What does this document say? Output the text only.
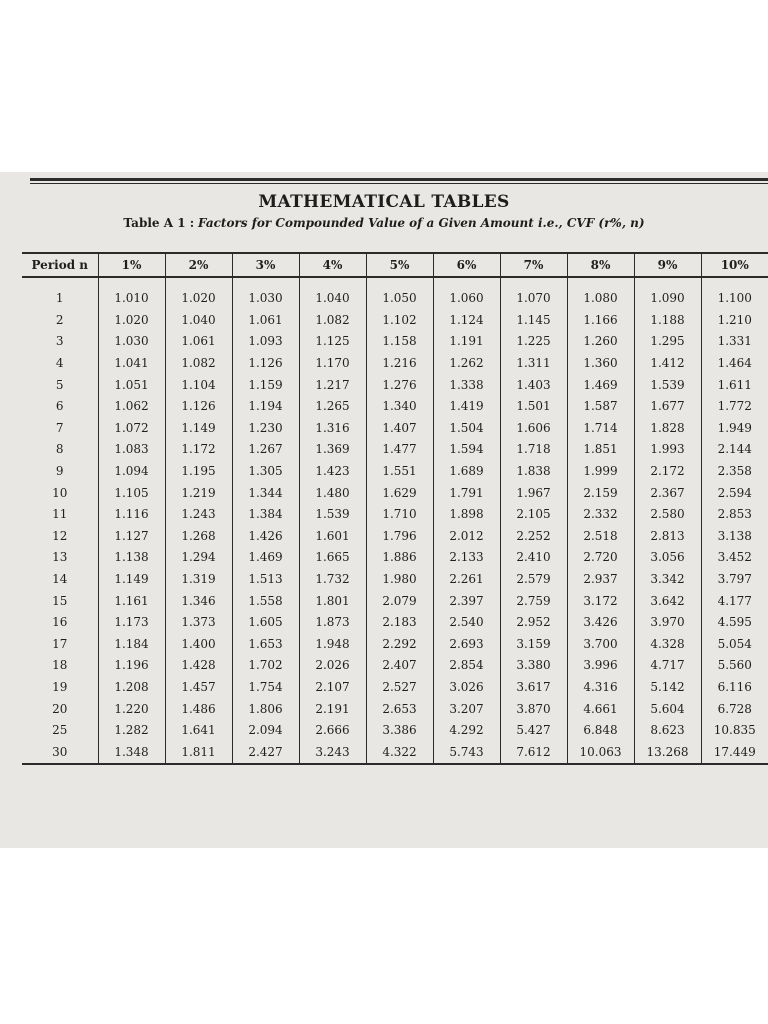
MATHEMATICAL TABLES
Table A 1 : Factors for Compounded Value of a Given Amount i.e., CVF (r%, n)
Period n	1%	2%	3%	4%	5%	6%	7%	8%	9%	10%
1	1.010	1.020	1.030	1.040	1.050	1.060	1.070	1.080	1.090	1.100
2	1.020	1.040	1.061	1.082	1.102	1.124	1.145	1.166	1.188	1.210
3	1.030	1.061	1.093	1.125	1.158	1.191	1.225	1.260	1.295	1.331
4	1.041	1.082	1.126	1.170	1.216	1.262	1.311	1.360	1.412	1.464
5	1.051	1.104	1.159	1.217	1.276	1.338	1.403	1.469	1.539	1.611
6	1.062	1.126	1.194	1.265	1.340	1.419	1.501	1.587	1.677	1.772
7	1.072	1.149	1.230	1.316	1.407	1.504	1.606	1.714	1.828	1.949
8	1.083	1.172	1.267	1.369	1.477	1.594	1.718	1.851	1.993	2.144
9	1.094	1.195	1.305	1.423	1.551	1.689	1.838	1.999	2.172	2.358
10	1.105	1.219	1.344	1.480	1.629	1.791	1.967	2.159	2.367	2.594
11	1.116	1.243	1.384	1.539	1.710	1.898	2.105	2.332	2.580	2.853
12	1.127	1.268	1.426	1.601	1.796	2.012	2.252	2.518	2.813	3.138
13	1.138	1.294	1.469	1.665	1.886	2.133	2.410	2.720	3.056	3.452
14	1.149	1.319	1.513	1.732	1.980	2.261	2.579	2.937	3.342	3.797
15	1.161	1.346	1.558	1.801	2.079	2.397	2.759	3.172	3.642	4.177
16	1.173	1.373	1.605	1.873	2.183	2.540	2.952	3.426	3.970	4.595
17	1.184	1.400	1.653	1.948	2.292	2.693	3.159	3.700	4.328	5.054
18	1.196	1.428	1.702	2.026	2.407	2.854	3.380	3.996	4.717	5.560
19	1.208	1.457	1.754	2.107	2.527	3.026	3.617	4.316	5.142	6.116
20	1.220	1.486	1.806	2.191	2.653	3.207	3.870	4.661	5.604	6.728
25	1.282	1.641	2.094	2.666	3.386	4.292	5.427	6.848	8.623	10.835
30	1.348	1.811	2.427	3.243	4.322	5.743	7.612	10.063	13.268	17.449
